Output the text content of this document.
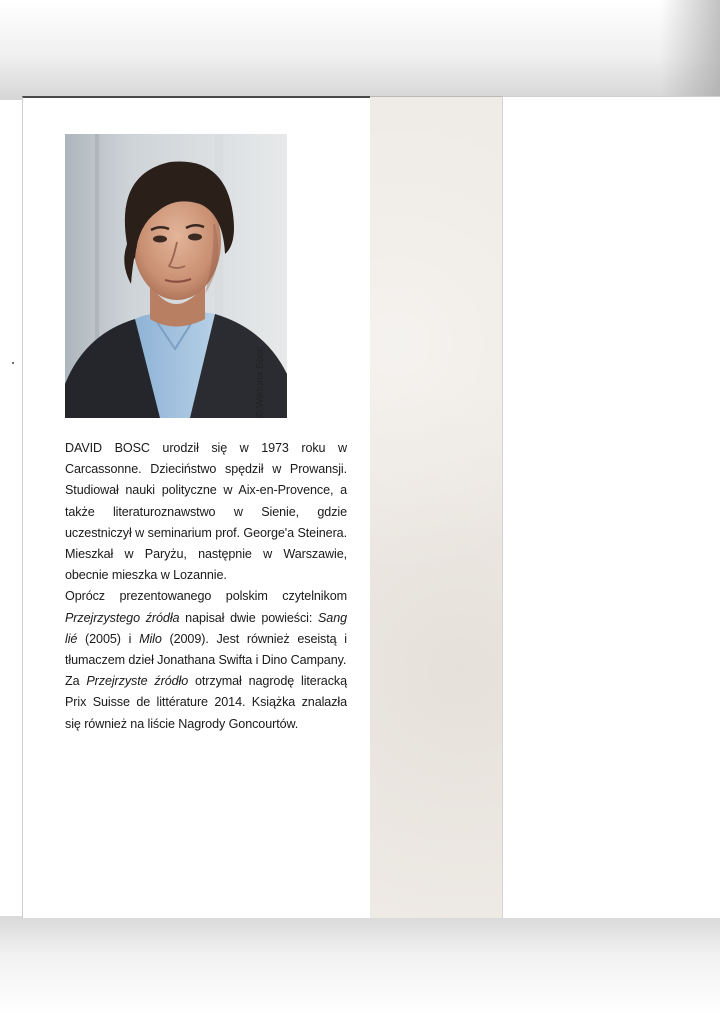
© Wiktoria Bosc

DAVID BOSC urodził się w 1973 roku w Carcassonne. Dzieciństwo spędził w Prowansji. Studiował nauki polityczne w Aix-en-Provence, a także literaturoznawstwo w Sienie, gdzie uczestniczył w seminarium prof. George'a Steinera. Mieszkał w Paryżu, następnie w Warszawie, obecnie mieszka w Lozannie.

Oprócz prezentowanego polskim czytelnikom Przejrzystego źródła napisał dwie powieści: Sang lié (2005) i Milo (2009). Jest również eseistą i tłumaczem dzieł Jonathana Swifta i Dino Campany.

Za Przejrzyste źródło otrzymał nagrodę literacką Prix Suisse de littérature 2014. Książka znalazła się również na liście Nagrody Goncourtów.
